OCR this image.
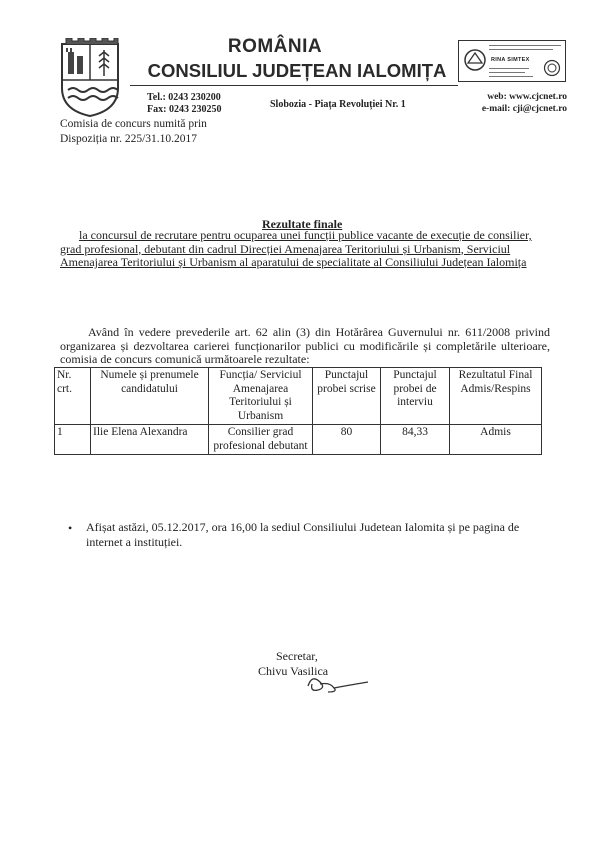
ROMÂNIA
CONSILIUL JUDEȚEAN IALOMIȚA
Tel.: 0243 230200
Fax: 0243 230250	Slobozia - Piața Revoluției Nr. 1
web: www.cjcnet.ro
e-mail: cji@cjcnet.ro
RINA SIMTEX
Comisia de concurs numită prin
Dispoziția nr. 225/31.10.2017
Rezultate finale
la concursul de recrutare pentru ocuparea unei funcții publice vacante de execuție de consilier, grad profesional, debutant din cadrul Direcției Amenajarea Teritoriului și Urbanism, Serviciul Amenajarea Teritoriului și Urbanism al aparatului de specialitate al Consiliului Județean Ialomița
Având în vedere prevederile art. 62 alin (3) din Hotărârea Guvernului nr. 611/2008 privind organizarea și dezvoltarea carierei funcționarilor publici cu modificările și completările ulterioare, comisia de concurs comunică următoarele rezultate:
Nr. crt.	Numele și prenumele candidatului	Funcția/ Serviciul Amenajarea Teritoriului și Urbanism	Punctajul probei scrise	Punctajul probei de interviu	Rezultatul Final Admis/Respins
1	Ilie Elena Alexandra	Consilier grad profesional debutant	80	84,33	Admis
• Afișat astăzi, 05.12.2017, ora 16,00 la sediul Consiliului Judetean Ialomita și pe pagina de internet a instituției.
Secretar,
Chivu Vasilica
